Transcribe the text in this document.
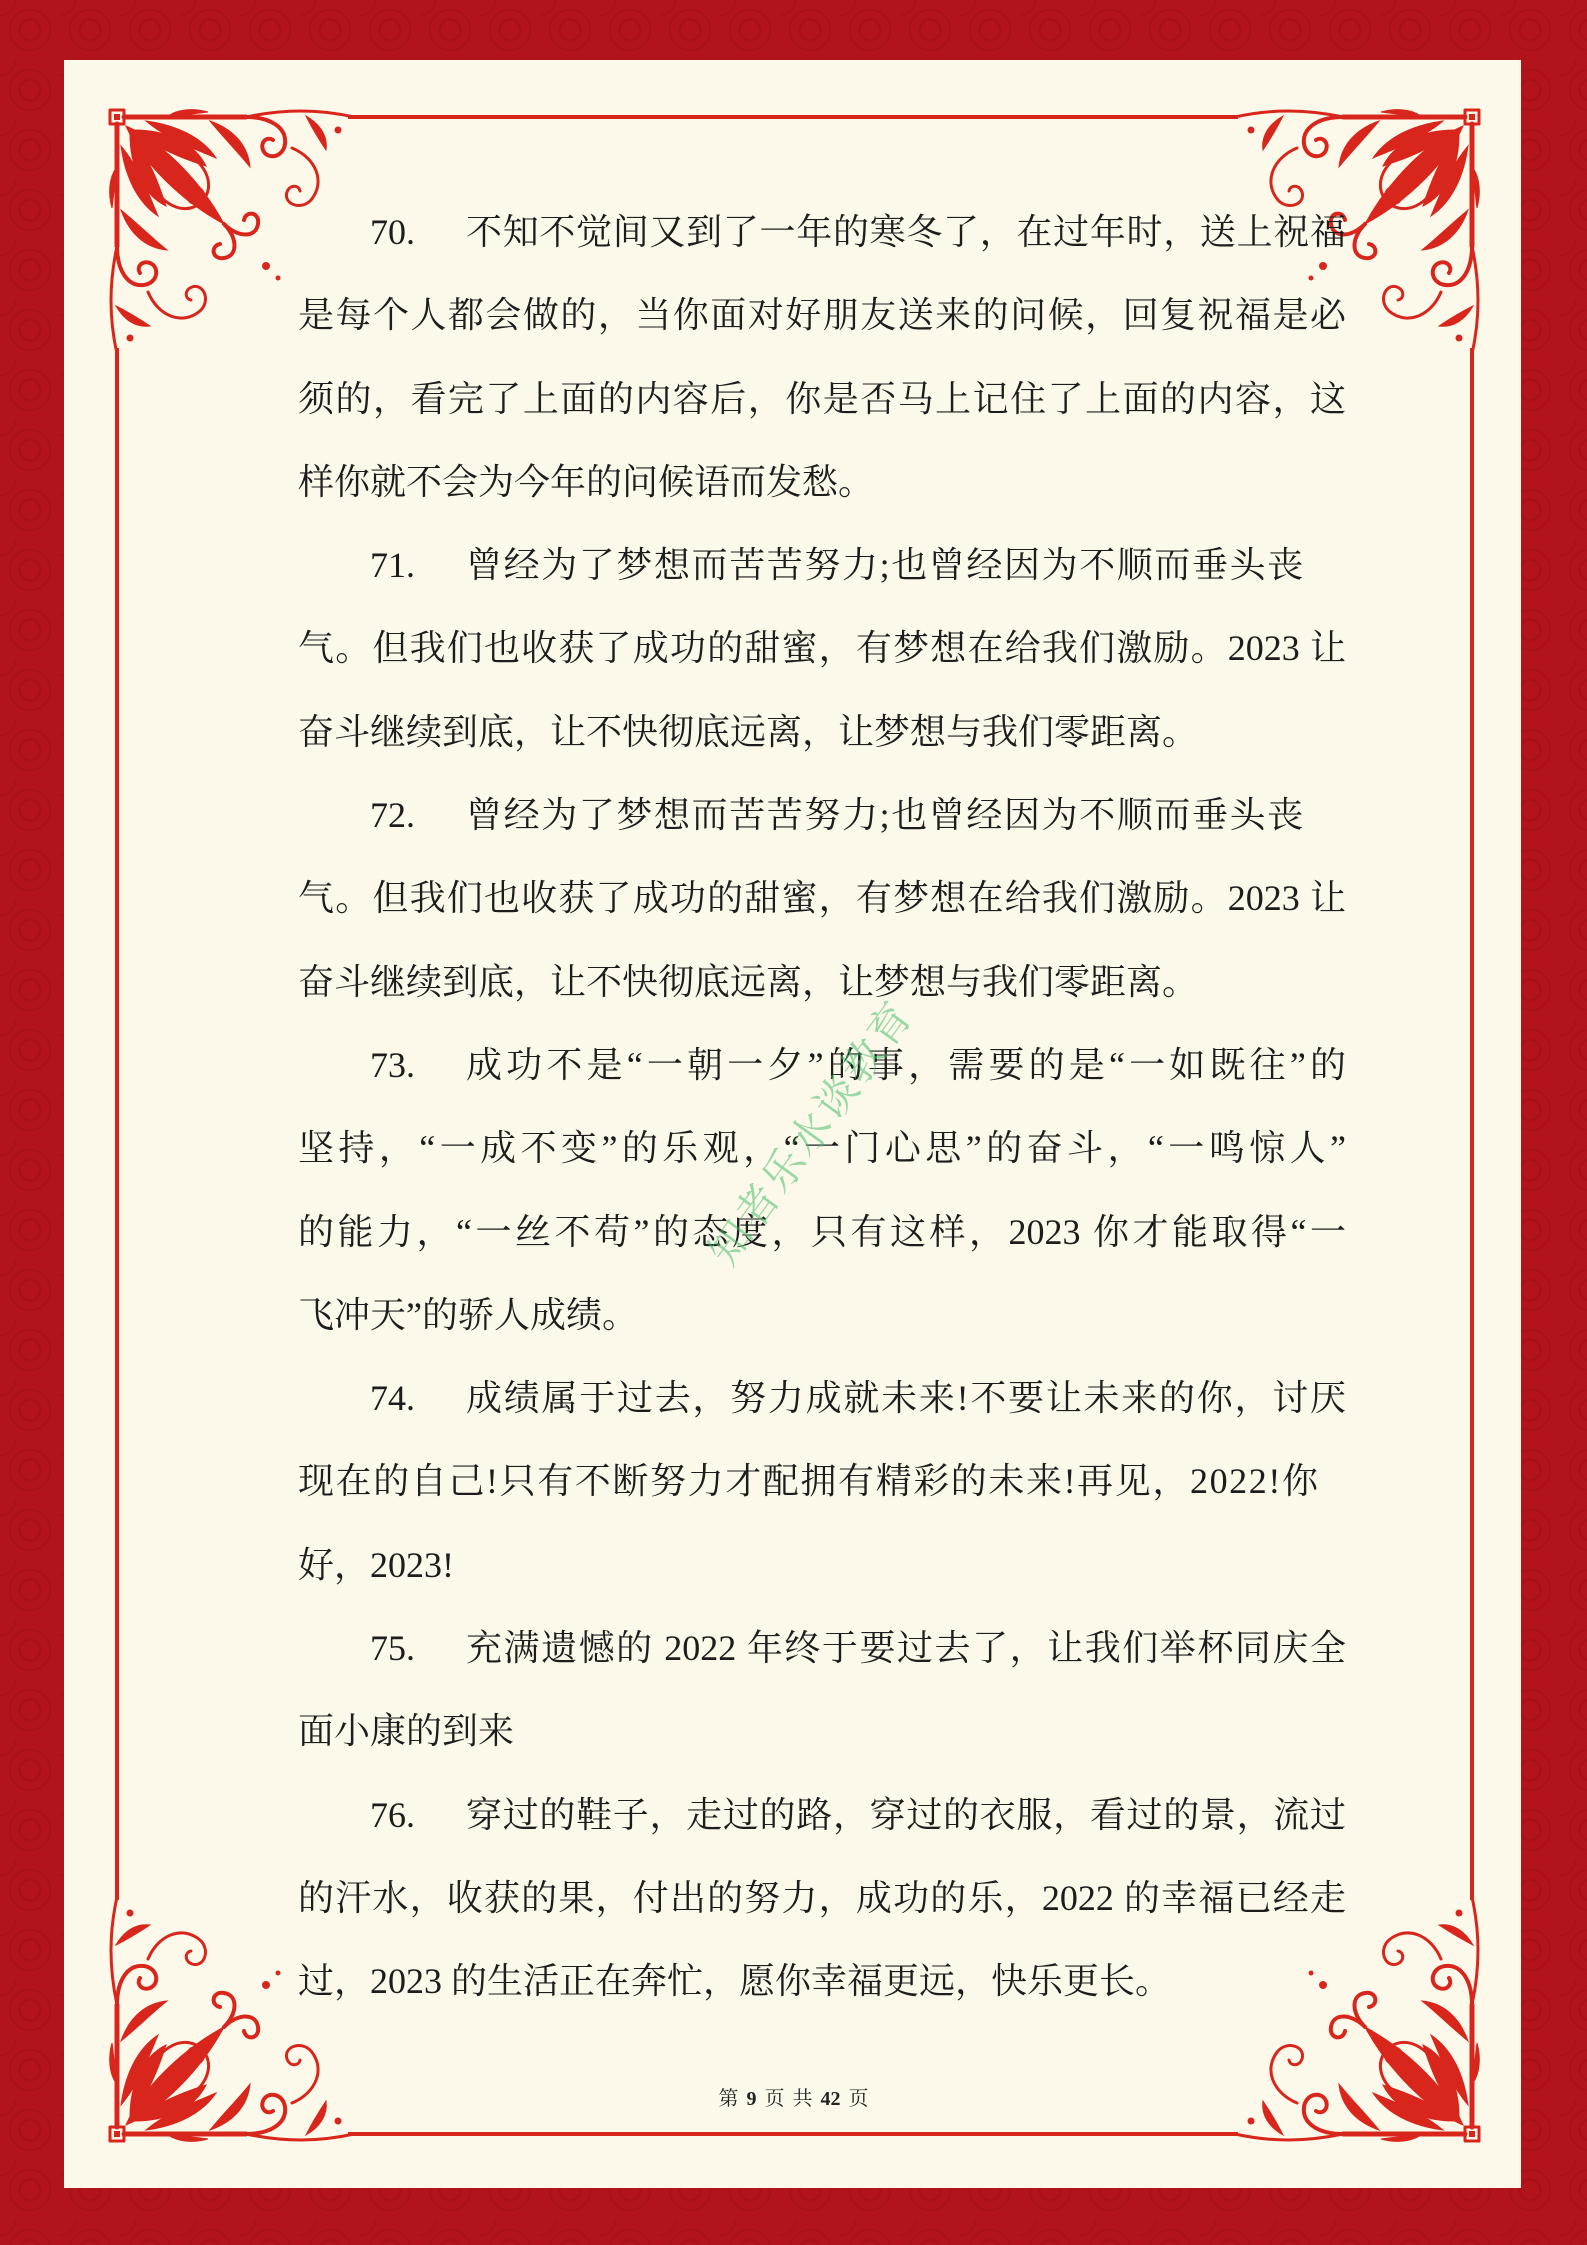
70.	不知不觉间又到了一年的寒冬了，在过年时，送上祝福
是每个人都会做的，当你面对好朋友送来的问候，回复祝福是必
须的，看完了上面的内容后，你是否马上记住了上面的内容，这
样你就不会为今年的问候语而发愁。
71.	曾经为了梦想而苦苦努力;也曾经因为不顺而垂头丧
气。但我们也收获了成功的甜蜜，有梦想在给我们激励。2023 让
奋斗继续到底，让不快彻底远离，让梦想与我们零距离。
72.	曾经为了梦想而苦苦努力;也曾经因为不顺而垂头丧
气。但我们也收获了成功的甜蜜，有梦想在给我们激励。2023 让
奋斗继续到底，让不快彻底远离，让梦想与我们零距离。
73.	成功不是“一朝一夕”的事，需要的是“一如既往”的
坚持，“一成不变”的乐观，“一门心思”的奋斗，“一鸣惊人”
的能力，“一丝不苟”的态度，只有这样，2023 你才能取得“一
飞冲天”的骄人成绩。
74.	成绩属于过去，努力成就未来!不要让未来的你，讨厌
现在的自己!只有不断努力才配拥有精彩的未来!再见，2022!你
好，2023!
75.	充满遗憾的 2022 年终于要过去了，让我们举杯同庆全
面小康的到来
76.	穿过的鞋子，走过的路，穿过的衣服，看过的景，流过
的汗水，收获的果，付出的努力，成功的乐，2022 的幸福已经走
过，2023 的生活正在奔忙，愿你幸福更远，快乐更长。
知者乐水谈教育
第 9 页 共 42 页
